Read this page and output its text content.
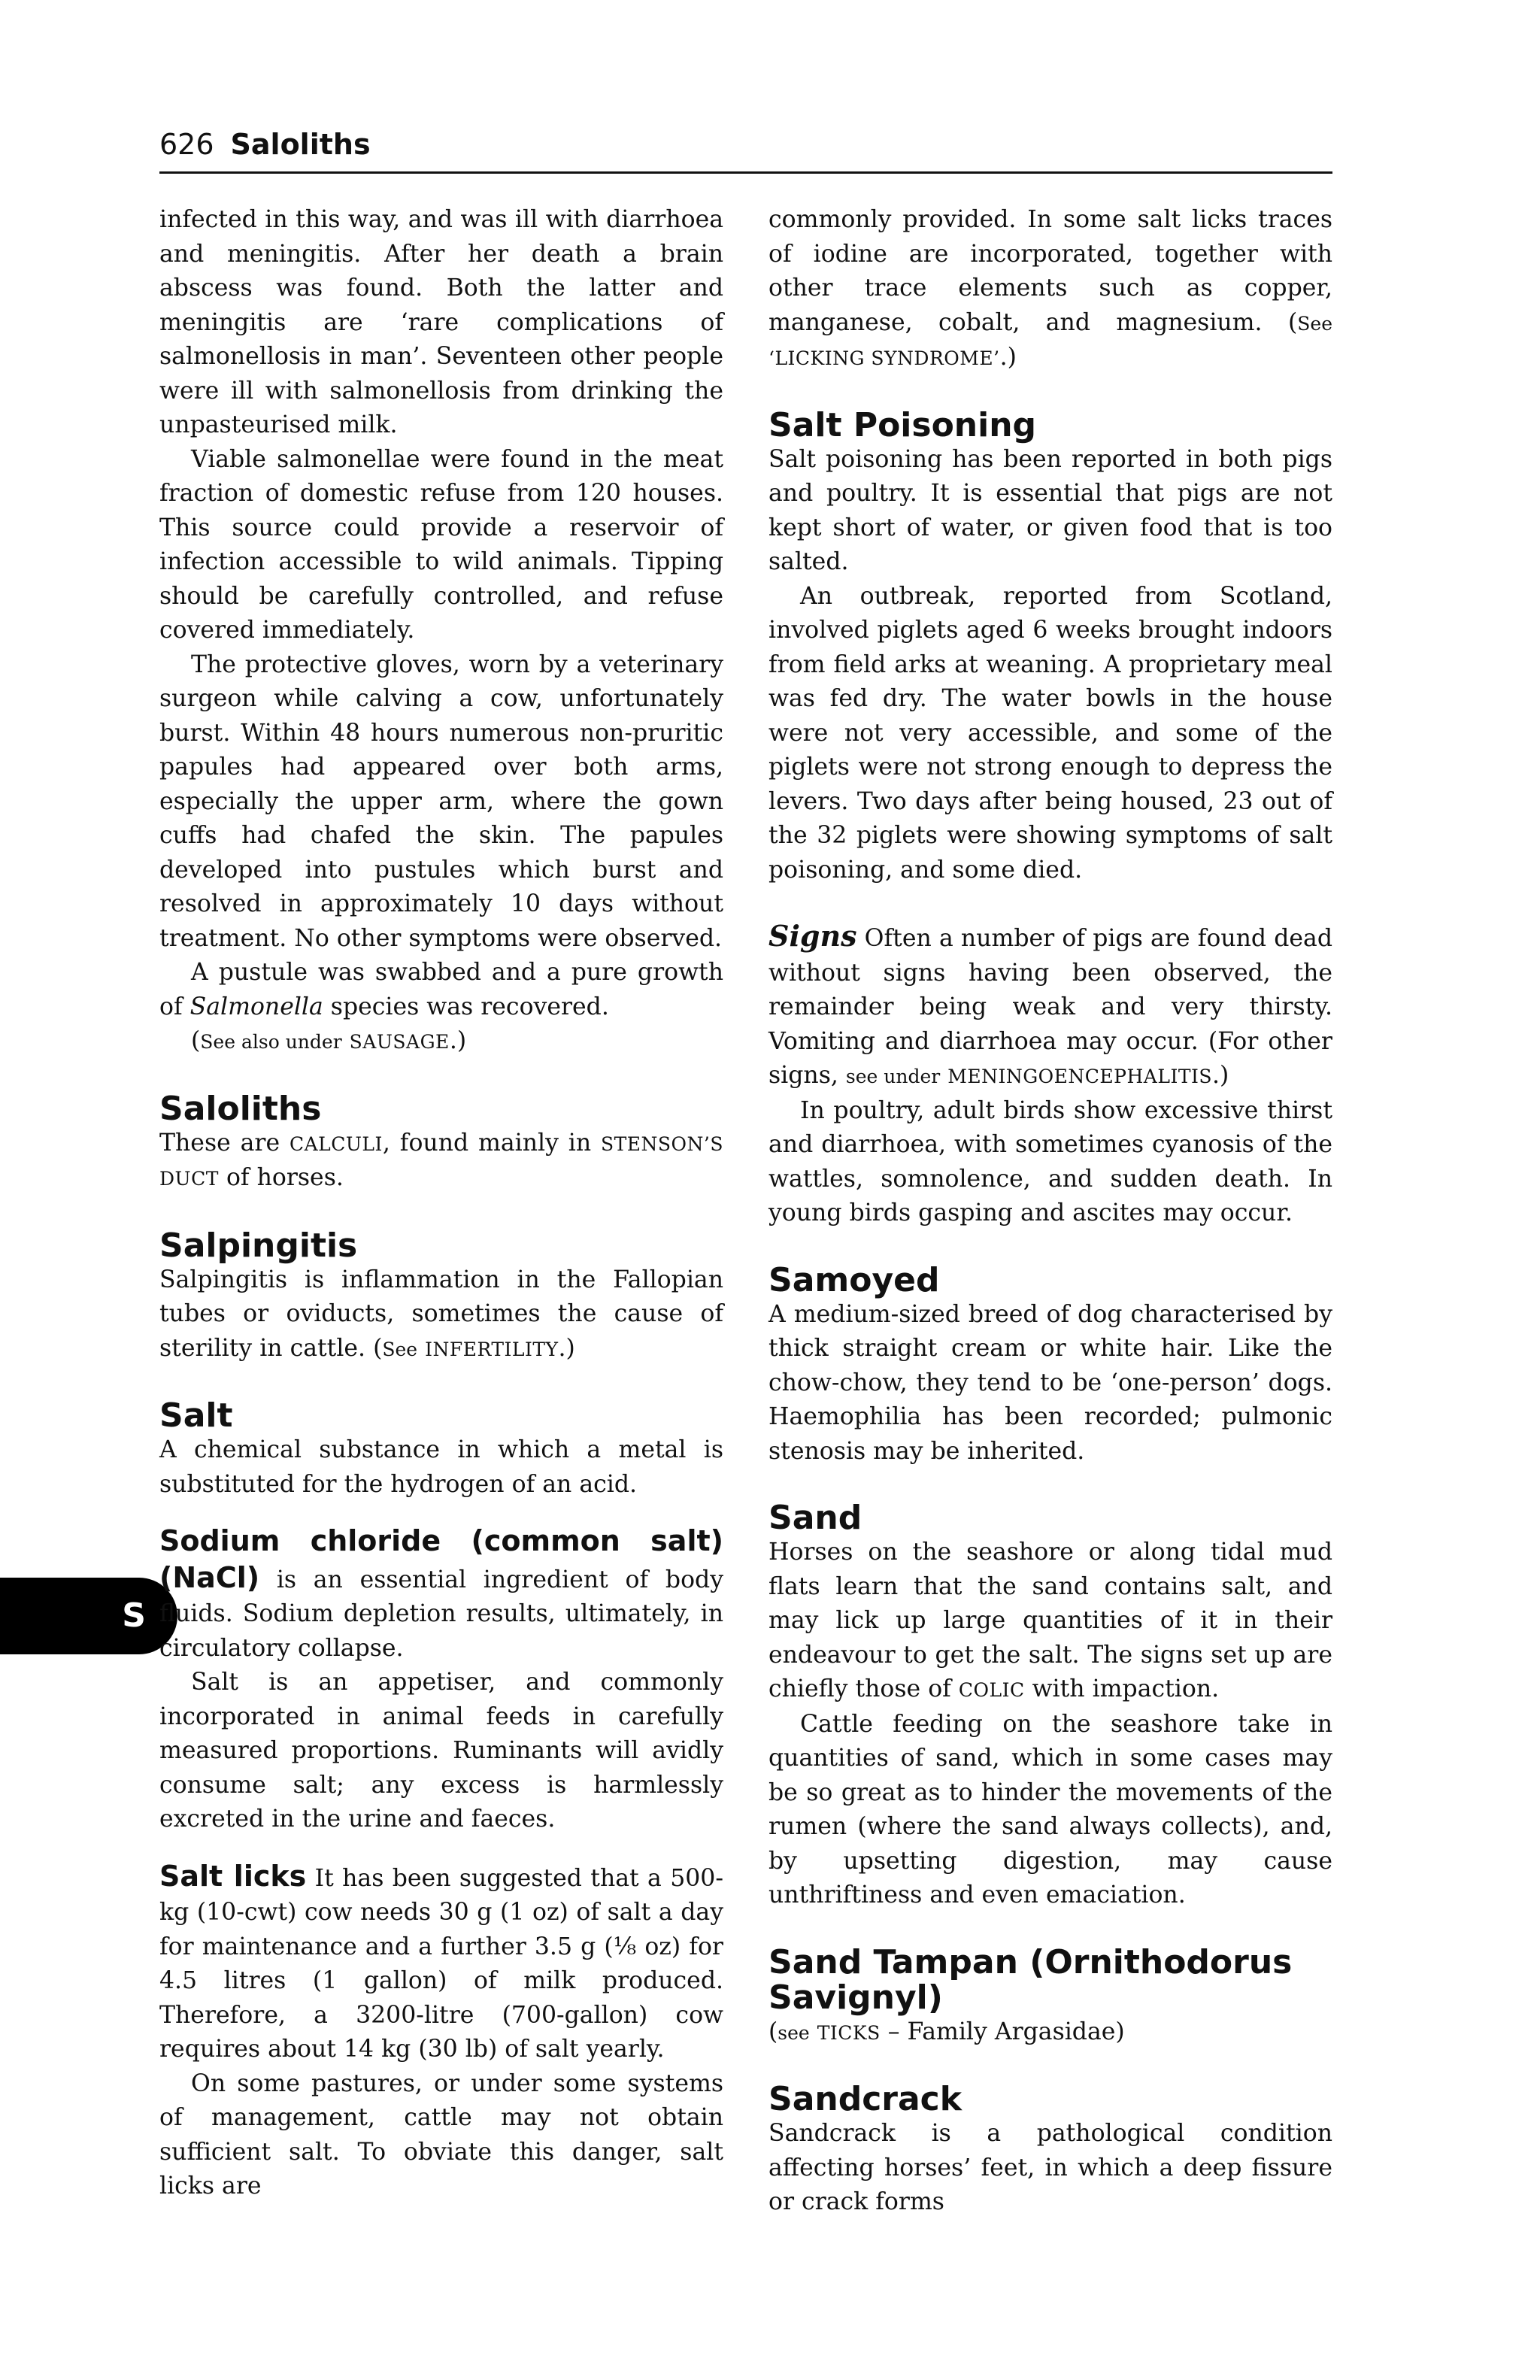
626 Saloliths
S

infected in this way, and was ill with diarrhoea and meningitis. After her death a brain abscess was found. Both the latter and meningitis are ‘rare complications of salmonellosis in man’. Seventeen other people were ill with salmonellosis from drinking the unpasteurised milk.

Viable salmonellae were found in the meat fraction of domestic refuse from 120 houses. This source could provide a reservoir of infection accessible to wild animals. Tipping should be carefully controlled, and refuse covered immediately.

The protective gloves, worn by a veterinary surgeon while calving a cow, unfortunately burst. Within 48 hours numerous non-pruritic papules had appeared over both arms, especially the upper arm, where the gown cuffs had chafed the skin. The papules developed into pustules which burst and resolved in approximately 10 days without treatment. No other symptoms were observed.

A pustule was swabbed and a pure growth of Salmonella species was recovered.

(See also under SAUSAGE.)

Saloliths

These are CALCULI, found mainly in STENSON’S DUCT of horses.

Salpingitis

Salpingitis is inflammation in the Fallopian tubes or oviducts, sometimes the cause of sterility in cattle. (See INFERTILITY.)

Salt

A chemical substance in which a metal is substituted for the hydrogen of an acid.

Sodium chloride (common salt) (NaCl) is an essential ingredient of body fluids. Sodium depletion results, ultimately, in circulatory collapse.

Salt is an appetiser, and commonly incorporated in animal feeds in carefully measured proportions. Ruminants will avidly consume salt; any excess is harmlessly excreted in the urine and faeces.

Salt licks It has been suggested that a 500-kg (10-cwt) cow needs 30 g (1 oz) of salt a day for maintenance and a further 3.5 g (⅛ oz) for 4.5 litres (1 gallon) of milk produced. Therefore, a 3200-litre (700-gallon) cow requires about 14 kg (30 lb) of salt yearly.

On some pastures, or under some systems of management, cattle may not obtain sufficient salt. To obviate this danger, salt licks are

commonly provided. In some salt licks traces of iodine are incorporated, together with other trace elements such as copper, manganese, cobalt, and magnesium. (See ‘LICKING SYNDROME’.)

Salt Poisoning

Salt poisoning has been reported in both pigs and poultry. It is essential that pigs are not kept short of water, or given food that is too salted.

An outbreak, reported from Scotland, involved piglets aged 6 weeks brought indoors from field arks at weaning. A proprietary meal was fed dry. The water bowls in the house were not very accessible, and some of the piglets were not strong enough to depress the levers. Two days after being housed, 23 out of the 32 piglets were showing symptoms of salt poisoning, and some died.

Signs Often a number of pigs are found dead without signs having been observed, the remainder being weak and very thirsty. Vomiting and diarrhoea may occur. (For other signs, see under MENINGOENCEPHALITIS.)

In poultry, adult birds show excessive thirst and diarrhoea, with sometimes cyanosis of the wattles, somnolence, and sudden death. In young birds gasping and ascites may occur.

Samoyed

A medium-sized breed of dog characterised by thick straight cream or white hair. Like the chow-chow, they tend to be ‘one-person’ dogs. Haemophilia has been recorded; pulmonic stenosis may be inherited.

Sand

Horses on the seashore or along tidal mud flats learn that the sand contains salt, and may lick up large quantities of it in their endeavour to get the salt. The signs set up are chiefly those of COLIC with impaction.

Cattle feeding on the seashore take in quantities of sand, which in some cases may be so great as to hinder the movements of the rumen (where the sand always collects), and, by upsetting digestion, may cause unthriftiness and even emaciation.

Sand Tampan (Ornithodorus Savignyl)

(see TICKS – Family Argasidae)

Sandcrack

Sandcrack is a pathological condition affecting horses’ feet, in which a deep fissure or crack forms
